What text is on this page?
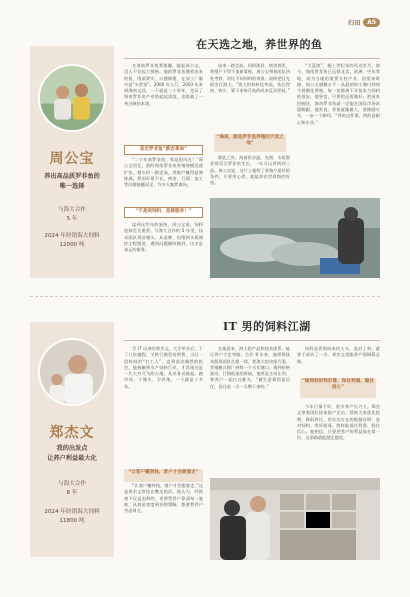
归田	A5
周公宝
养出高品质罗非鱼的
唯一选择
与海大合作
5 年
2024 年经销海大饲料
12000 吨
在天选之地，养世界的鱼

在海南罗非鱼养殖圈，提起周公宝，没人不竖起大拇指。他的罗非鱼塘养出来的鱼，肉质紧实、口感鲜甜，在加工厂眼中是“头茬货”。2000 年入行，2003 年来到海南文昌，一干就是二十余年，见证了海南罗非鱼产业的起起落落，也练就了一身过硬的本领。

亲历罗非鱼“跌宕革命”

“二十年前罗非鱼，那是很风光！”周公宝回忆，彼时海南罗非鱼养殖规模迅速扩张，塘头价一路走高，养殖户赚得盆满钵满。然而好景不长，病害、行情、加工等问题接踵而至，许多人黯然离场。

“不是卖饲料，是做服务！”

谈到这些年的坚持，周公宝说，饲料选择至关重要。与海大合作的 5 年里，技术团队常驻塘头，从苗种、投喂到水质调控全程跟进，遇到问题随叫随到，这才是真正的服务。

成本一路走高，饲料涨价、病害频发，养殖户不得不重新算账。周公宝带着团队四处考察，对比不同饲料的效果，最终把目光锁定在海大。“海大的料转化率高，鱼长得快、病少，算下来每斤鱼的成本反而更低。”

“海南，就是罗非鱼养殖的天选之地”

除此之外，海南的水温、光照、水质都非常适合罗非鱼生长，一年可以养两到三造。周公宝说，这片土地给了养殖户最好的条件，只要用心养，就能养出世界级的好鱼。

“大蓝波”，指上世纪末的风光岁月。如今，海南罗非鱼已远销北美、欧洲、中东等地，成为当地的重要支柱产业。回望来时路，周公宝感慨万千：从最初的小塘口到如今规模化养殖，每一步都离不开技术与饲料的进步。他坚信，只要把品质做好、把成本控制住，海南罗非鱼就一定能在国际市场站稳脚跟。他常说，养鱼就像做人，要踏踏实实，一步一个脚印。“养鱼这件事，拼的是耐心和专业。”

郑杰文
我的出发点
让养户利益最大化
与海大合作
8 年
2024 年经销海大饲料
11800 吨
IT 男的饲料江湖

学 IT 出身的郑杰文，大学毕业后，干了几年编程，又跨行做贸易销售，当过一段时间的“打工人”。直到某次偶然的机会，他接触到水产饲料行业，才发现这是一片大有可为的天地。从业务员做起，跑市场、下塘头、学养殖，一干就是十多年。

“让客户赚到钱，客户才会跟着走”

“让客户赚到钱，客户才会跟着走。”这是郑杰文常挂在嘴边的话。他认为，经销商不仅是卖料的，更要帮养户算清每一笔账，从放苗密度到投喂策略，都要替养户考虑周全。

在他看来，海大的产品和技术体系，能让养户少走弯路。合作 8 年来，他带着技术服务团队扎根一线，把海大的动保方案、养殖模式推广到每一个合作塘口。遇到价格波动、行情低迷的时候，他更是主动让利，和养户一起扛过难关。“做生意靠的是信任，信任是一点一点攒下来的。”

饲料是养殖成本的大头，选对了料，就等于成功了一半。郑杰文常跟养户强调算总账。

“做饲料好料好算，保住利润、稳住信心”

今年行情不好，很多养户压力大。郑杰文带着团队挨家挨户走访，帮助大家优化投喂、降低料比，用实实在在的数据证明：选对饲料、用好服务，照样能保住利润、稳住信心。他相信，只要把养户的利益放在第一位，这条路就能越走越宽。
